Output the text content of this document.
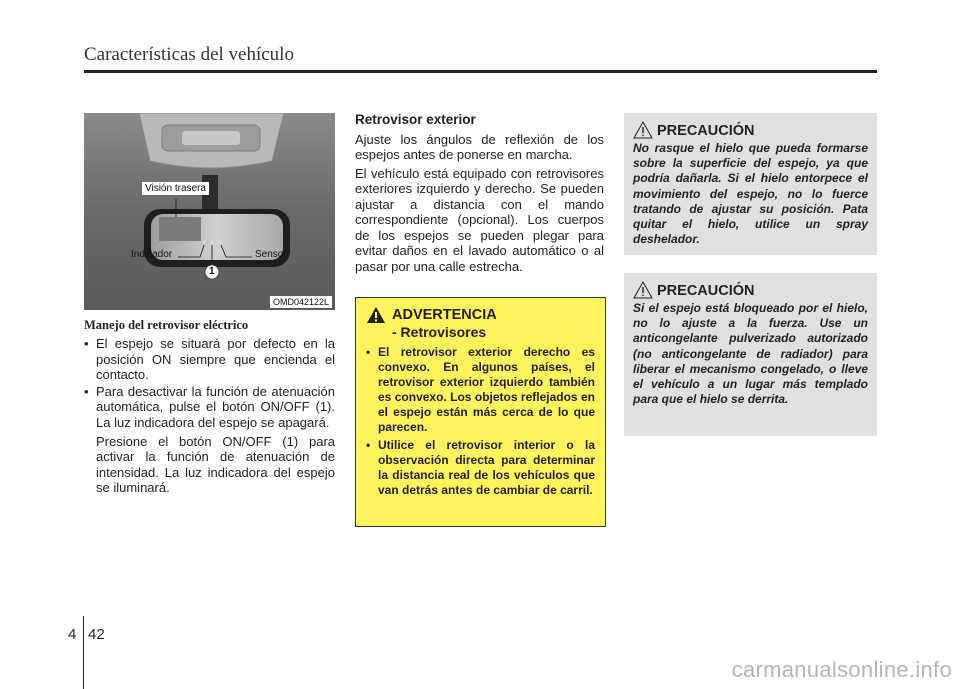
Características del vehículo
Visión trasera
Indicador	Sensor
1
OMD042122L
Manejo del retrovisor eléctrico
• El espejo se situará por defecto en la posición ON siempre que encienda el contacto.
• Para desactivar la función de atenuación automática, pulse el botón ON/OFF (1). La luz indicadora del espejo se apagará.
Presione el botón ON/OFF (1) para activar la función de atenuación de intensidad. La luz indicadora del espejo se iluminará.
Retrovisor exterior

Ajuste los ángulos de reflexión de los espejos antes de ponerse en marcha.

El vehículo está equipado con retrovisores exteriores izquierdo y derecho. Se pueden ajustar a distancia con el mando correspondiente (opcional). Los cuerpos de los espejos se pueden plegar para evitar daños en el lavado automático o al pasar por una calle estrecha.

ADVERTENCIA
- Retrovisores
• El retrovisor exterior derecho es convexo. En algunos países, el retrovisor exterior izquierdo también es convexo. Los objetos reflejados en el espejo están más cerca de lo que parecen.
• Utilice el retrovisor interior o la observación directa para determinar la distancia real de los vehículos que van detrás antes de cambiar de carril.
PRECAUCIÓN
No rasque el hielo que pueda formarse sobre la superficie del espejo, ya que podría dañarla. Si el hielo entorpece el movimiento del espejo, no lo fuerce tratando de ajustar su posición. Pata quitar el hielo, utilice un spray deshelador.
PRECAUCIÓN
Si el espejo está bloqueado por el hielo, no lo ajuste a la fuerza. Use un anticongelante pulverizado autorizado (no anticongelante de radiador) para liberar el mecanismo congelado, o lleve el vehículo a un lugar más templado para que el hielo se derrita.
4 42
carmanualsonline.info
